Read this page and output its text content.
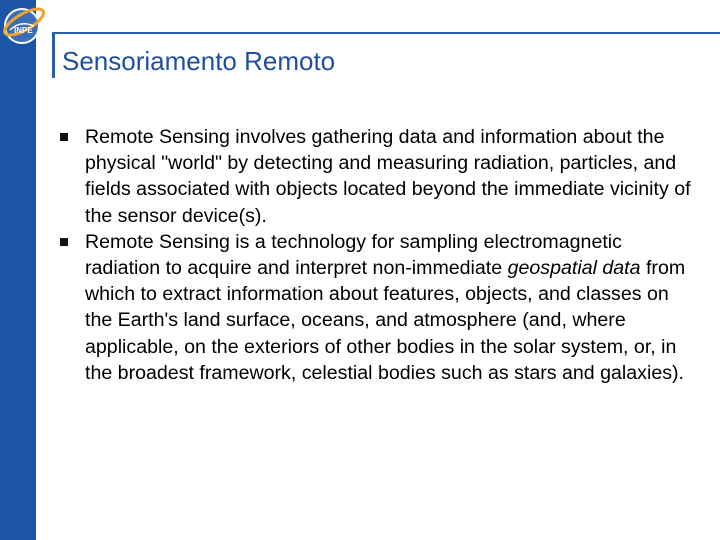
INPE
Sensoriamento Remoto
Remote Sensing involves gathering data and information about the physical "world" by detecting and measuring radiation, particles, and fields associated with objects located beyond the immediate vicinity of the sensor device(s).
Remote Sensing is a technology for sampling electromagnetic radiation to acquire and interpret non-immediate geospatial data from which to extract information about features, objects, and classes on the Earth's land surface, oceans, and atmosphere (and, where applicable, on the exteriors of other bodies in the solar system, or, in the broadest framework, celestial bodies such as stars and galaxies).
